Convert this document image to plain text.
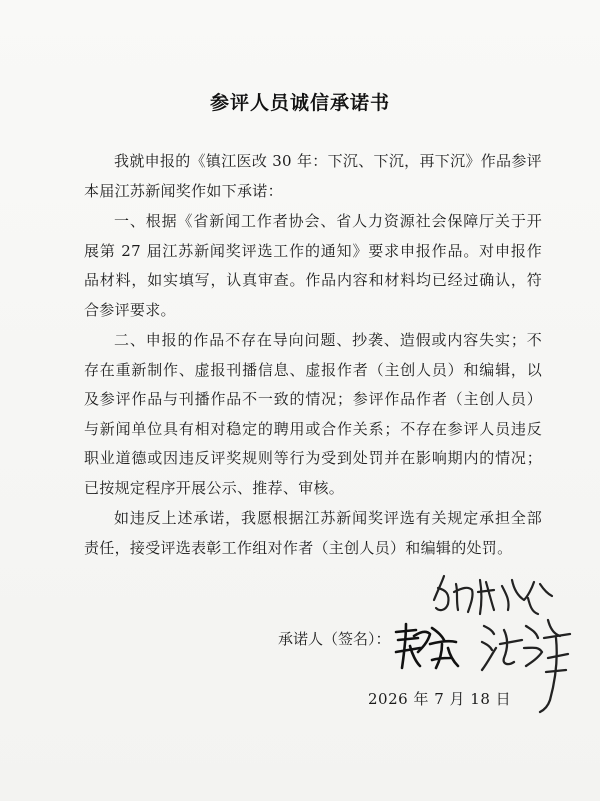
参评人员诚信承诺书

我就申报的《镇江医改 30 年：下沉、下沉，再下沉》作品参评本届江苏新闻奖作如下承诺：

一、根据《省新闻工作者协会、省人力资源社会保障厅关于开展第 27 届江苏新闻奖评选工作的通知》要求申报作品。对申报作品材料，如实填写，认真审查。作品内容和材料均已经过确认，符合参评要求。

二、申报的作品不存在导向问题、抄袭、造假或内容失实；不存在重新制作、虚报刊播信息、虚报作者（主创人员）和编辑，以及参评作品与刊播作品不一致的情况；参评作品作者（主创人员）与新闻单位具有相对稳定的聘用或合作关系；不存在参评人员违反职业道德或因违反评奖规则等行为受到处罚并在影响期内的情况；已按规定程序开展公示、推荐、审核。

如违反上述承诺，我愿根据江苏新闻奖评选有关规定承担全部责任，接受评选表彰工作组对作者（主创人员）和编辑的处罚。

承诺人（签名）：
2026 年 7 月 18 日
